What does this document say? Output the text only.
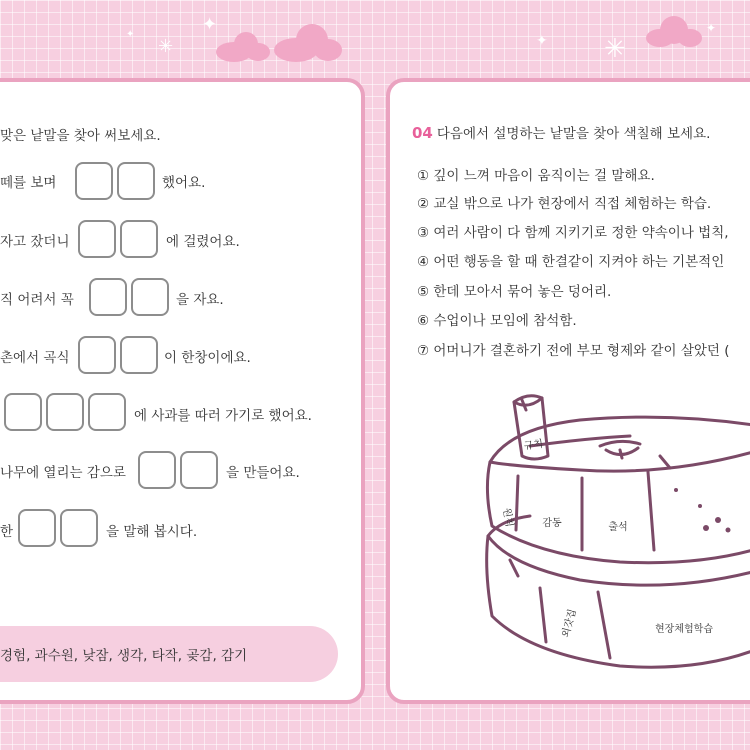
✦
✳
✦	✦ ✳
✦
맞은 낱말을 찾아 써보세요.
떼를 보며	했어요.
자고 잤더니	에 걸렸어요.
직 어려서 꼭	을 자요.
촌에서 곡식	이 한창이에요.
에 사과를 따러 가기로 했어요.
나무에 열리는 감으로	을 만들어요.
한	을 말해 봅시다.
경험, 과수원, 낮잠, 생각, 타작, 곶감, 감기
04 다음에서 설명하는 낱말을 찾아 색칠해 보세요.
① 깊이 느껴 마음이 움직이는 걸 말해요.
② 교실 밖으로 나가 현장에서 직접 체험하는 학습.
③ 여러 사람이 다 함께 지키기로 정한 약속이나 법칙,
④ 어떤 행동을 할 때 한결같이 지켜야 하는 기본적인
⑤ 한데 모아서 묶어 놓은 덩어리.
⑥ 수업이나 모임에 참석함.
⑦ 어머니가 결혼하기 전에 부모 형제와 같이 살았던 (
규칙
원칙	감동	출석
외갓집	현장체험학습
